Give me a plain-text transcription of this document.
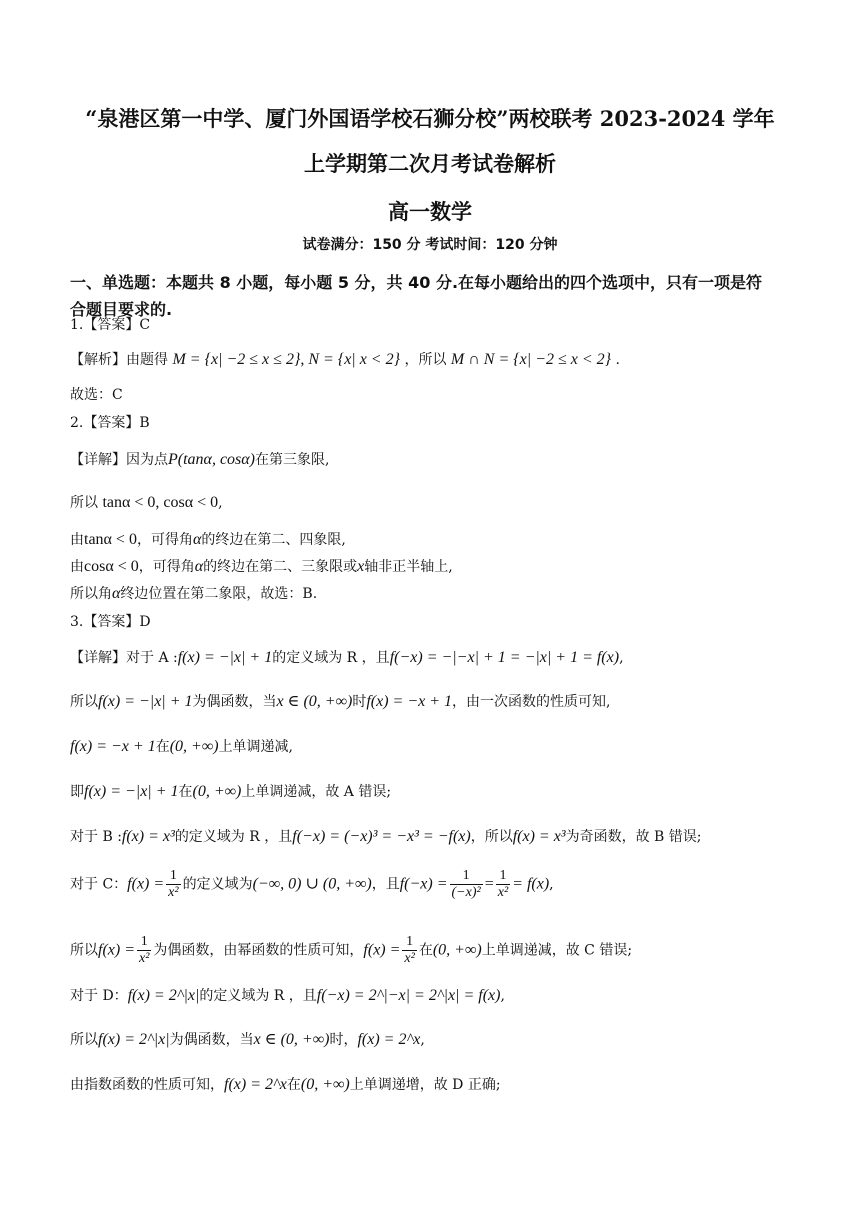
“泉港区第一中学、厦门外国语学校石狮分校”两校联考 2023-2024 学年
上学期第二次月考试卷解析
高一数学
试卷满分：150 分 考试时间：120 分钟
一、单选题：本题共 8 小题，每小题 5 分，共 40 分.在每小题给出的四个选项中，只有一项是符
合题目要求的.
1.【答案】C
【解析】由题得 M = {x| −2 ≤ x ≤ 2}, N = {x| x < 2} ，所以 M ∩ N = {x| −2 ≤ x < 2} .
故选：C
2.【答案】B
【详解】因为点P(tanα, cosα)在第三象限,
所以 tanα < 0, cosα < 0,
由tanα < 0，可得角α的终边在第二、四象限,
由cosα < 0，可得角α的终边在第二、三象限或x轴非正半轴上,
所以角α终边位置在第二象限，故选：B.
3.【答案】D
【详解】对于 A :f(x) = −|x| + 1的定义域为 R ，且f(−x) = −|−x| + 1 = −|x| + 1 = f(x),
所以f(x) = −|x| + 1为偶函数，当x ∈ (0, +∞)时f(x) = −x + 1，由一次函数的性质可知,
f(x) = −x + 1在(0, +∞)上单调递减,
即f(x) = −|x| + 1在(0, +∞)上单调递减，故 A 错误;
对于 B :f(x) = x³的定义域为 R ，且f(−x) = (−x)³ = −x³ = −f(x)，所以f(x) = x³为奇函数，故 B 错误;
对于 C：$f(x) = \frac{1}{\text{x²}}$ 的定义域为(−∞, 0) ∪ (0, +∞)，且$f(-x) = \frac{1}{\text{(−x)²}} = \frac{1}{\text{x²}} = f(x)$,
所以$f(x) = \frac{1}{\text{x²}}$ 为偶函数，由幂函数的性质可知，$f(x) = \frac{1}{\text{x²}}$ 在(0, +∞)上单调递减，故 C 错误;
对于 D：f(x) = 2^|x|的定义域为 R ，且f(−x) = 2^|−x| = 2^|x| = f(x),
所以f(x) = 2^|x|为偶函数，当x ∈ (0, +∞)时，f(x) = 2^x,
由指数函数的性质可知，f(x) = 2^x在(0, +∞)上单调递增，故 D 正确;
